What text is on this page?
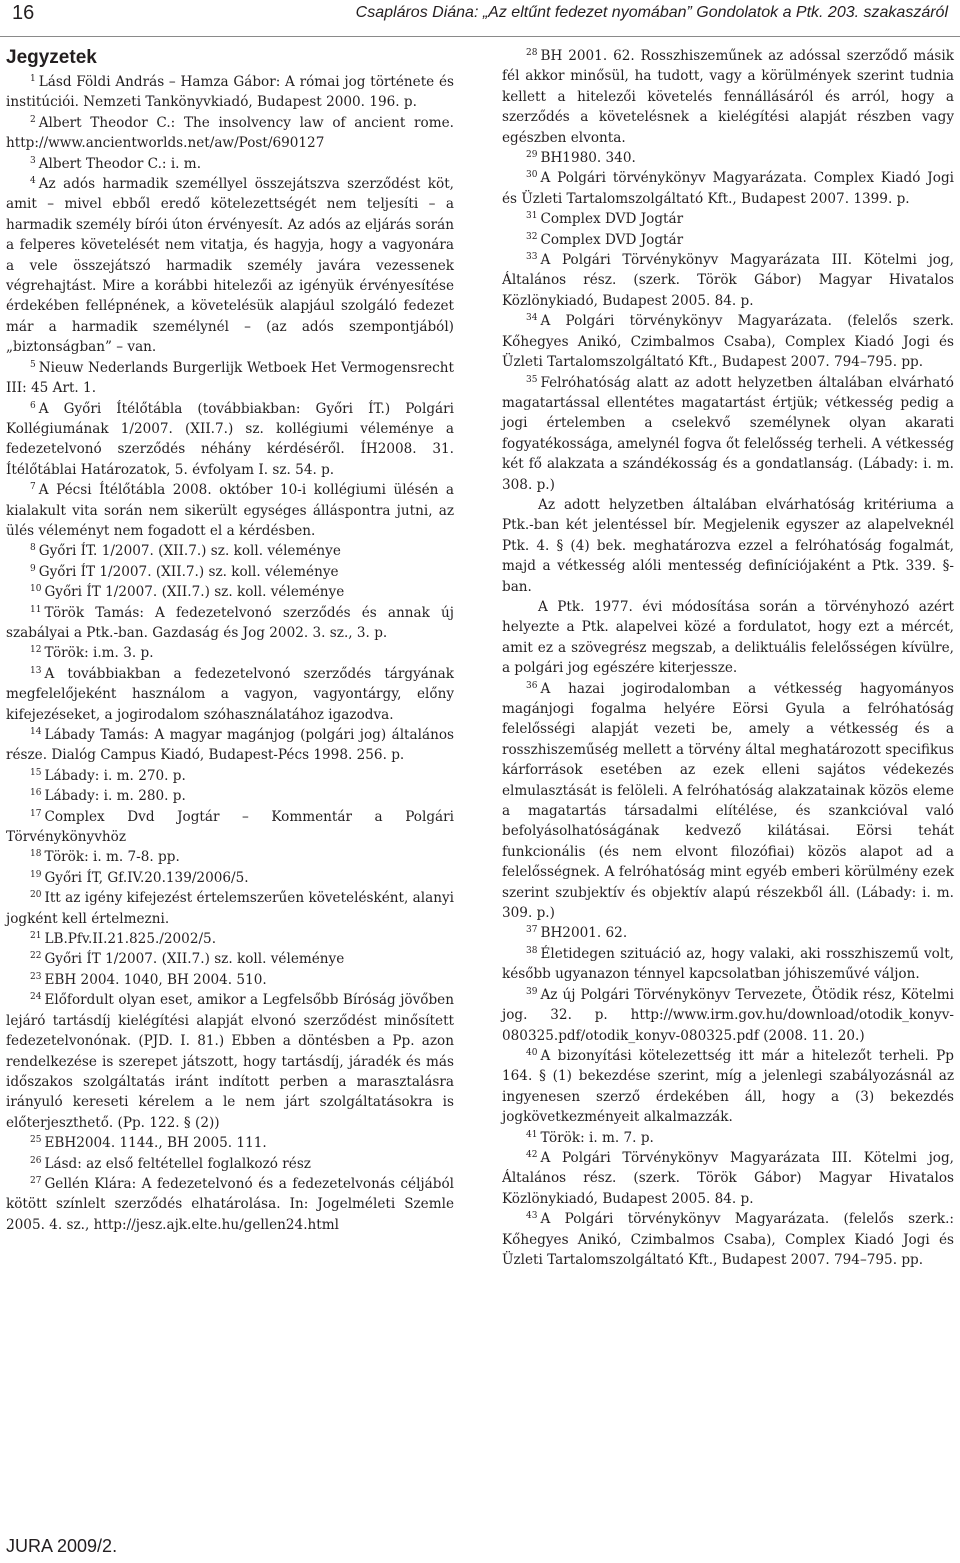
16	Csapláros Diána: „Az eltűnt fedezet nyomában” Gondolatok a Ptk. 203. szakaszáról
Jegyzetek

$^1$ Lásd Földi András – Hamza Gábor: A római jog története és institúciói. Nemzeti Tankönyvkiadó, Budapest 2000. 196. p.

$^2$ Albert Theodor C.: The insolvency law of ancient rome. http://www.ancientworlds.net/aw/Post/690127

$^3$ Albert Theodor C.: i. m.

$^4$ Az adós harmadik személlyel összejátszva szerződést köt, amit – mivel ebből eredő kötelezettségét nem teljesíti – a harmadik személy bírói úton érvényesít. Az adós az eljárás során a felperes követelését nem vitatja, és hagyja, hogy a vagyonára a vele összejátszó harmadik személy javára vezessenek végrehajtást. Mire a korábbi hitelezői az igényük érvényesítése érdekében fellépnének, a követelésük alapjául szolgáló fedezet már a harmadik személynél – (az adós szempontjából) „biztonságban” – van.

$^5$ Nieuw Nederlands Burgerlijk Wetboek Het Vermogensrecht III: 45 Art. 1.

$^6$ A Győri Ítélőtábla (továbbiakban: Győri ÍT.) Polgári Kollégiumának 1/2007. (XII.7.) sz. kollégiumi véleménye a fedezetelvonó szerződés néhány kérdéséről. ÍH2008. 31. Ítélőtáblai Határozatok, 5. évfolyam I. sz. 54. p.

$^7$ A Pécsi Ítélőtábla 2008. október 10-i kollégiumi ülésén a kialakult vita során nem sikerült egységes álláspontra jutni, az ülés véleményt nem fogadott el a kérdésben.

$^8$ Győri ÍT. 1/2007. (XII.7.) sz. koll. véleménye

$^9$ Győri ÍT 1/2007. (XII.7.) sz. koll. véleménye

$^{10}$ Győri ÍT 1/2007. (XII.7.) sz. koll. véleménye

$^{11}$ Török Tamás: A fedezetelvonó szerződés és annak új szabályai a Ptk.-ban. Gazdaság és Jog 2002. 3. sz., 3. p.

$^{12}$ Török: i.m. 3. p.

$^{13}$ A továbbiakban a fedezetelvonó szerződés tárgyának megfelelőjeként használom a vagyon, vagyontárgy, előny kifejezéseket, a jogirodalom szóhasználatához igazodva.

$^{14}$ Lábady Tamás: A magyar magánjog (polgári jog) általános része. Dialóg Campus Kiadó, Budapest-Pécs 1998. 256. p.

$^{15}$ Lábady: i. m. 270. p.

$^{16}$ Lábady: i. m. 280. p.

$^{17}$ Complex Dvd Jogtár – Kommentár a Polgári Törvénykönyvhöz

$^{18}$ Török: i. m. 7-8. pp.

$^{19}$ Győri ÍT, Gf.IV.20.139/2006/5.

$^{20}$ Itt az igény kifejezést értelemszerűen követelésként, alanyi jogként kell értelmezni.

$^{21}$ LB.Pfv.II.21.825./2002/5.

$^{22}$ Győri ÍT 1/2007. (XII.7.) sz. koll. véleménye

$^{23}$ EBH 2004. 1040, BH 2004. 510.

$^{24}$ Előfordult olyan eset, amikor a Legfelsőbb Bíróság jövőben lejáró tartásdíj kielégítési alapját elvonó szerződést minősített fedezetelvonónak. (PJD. I. 81.) Ebben a döntésben a Pp. azon rendelkezése is szerepet játszott, hogy tartásdíj, járadék és más időszakos szolgáltatás iránt indított perben a marasztalásra irányuló kereseti kérelem a le nem járt szolgáltatásokra is előterjeszthető. (Pp. 122. § (2))

$^{25}$ EBH2004. 1144., BH 2005. 111.

$^{26}$ Lásd: az első feltétellel foglalkozó rész

$^{27}$ Gellén Klára: A fedezetelvonó és a fedezetelvonás céljából kötött színlelt szerződés elhatárolása. In: Jogelméleti Szemle 2005. 4. sz., http://jesz.ajk.elte.hu/gellen24.html

$^{28}$ BH 2001. 62. Rosszhiszeműnek az adóssal szerződő másik fél akkor minősül, ha tudott, vagy a körülmények szerint tudnia kellett a hitelezői követelés fennállásáról és arról, hogy a szerződés a követelésnek a kielégítési alapját részben vagy egészben elvonta.

$^{29}$ BH1980. 340.

$^{30}$ A Polgári törvénykönyv Magyarázata. Complex Kiadó Jogi és Üzleti Tartalomszolgáltató Kft., Budapest 2007. 1399. p.

$^{31}$ Complex DVD Jogtár

$^{32}$ Complex DVD Jogtár

$^{33}$ A Polgári Törvénykönyv Magyarázata III. Kötelmi jog, Általános rész. (szerk. Török Gábor) Magyar Hivatalos Közlönykiadó, Budapest 2005. 84. p.

$^{34}$ A Polgári törvénykönyv Magyarázata. (felelős szerk. Kőhegyes Anikó, Czimbalmos Csaba), Complex Kiadó Jogi és Üzleti Tartalomszolgáltató Kft., Budapest 2007. 794–795. pp.

$^{35}$ Felróhatóság alatt az adott helyzetben általában elvárható magatartással ellentétes magatartást értjük; vétkesség pedig a jogi értelemben a cselekvő személynek olyan akarati fogyatékossága, amelynél fogva őt felelősség terheli. A vétkesség két fő alakzata a szándékosság és a gondatlanság. (Lábady: i. m. 308. p.)

Az adott helyzetben általában elvárhatóság kritériuma a Ptk.-ban két jelentéssel bír. Megjelenik egyszer az alapelveknél Ptk. 4. § (4) bek. meghatározva ezzel a felróhatóság fogalmát, majd a vétkesség alóli mentesség definíciójaként a Ptk. 339. §-ban.

A Ptk. 1977. évi módosítása során a törvényhozó azért helyezte a Ptk. alapelvei közé a fordulatot, hogy ezt a mércét, amit ez a szövegrész megszab, a deliktuális felelősségen kívülre, a polgári jog egészére kiterjessze.

$^{36}$ A hazai jogirodalomban a vétkesség hagyományos magánjogi fogalma helyére Eörsi Gyula a felróhatóság felelősségi alapját vezeti be, amely a vétkesség és a rosszhiszeműség mellett a törvény által meghatározott specifikus kárforrások esetében az ezek elleni sajátos védekezés elmulasztását is felöleli. A felróhatóság alakzatainak közös eleme a magatartás társadalmi elítélése, és szankcióval való befolyásolhatóságának kedvező kilátásai. Eörsi tehát funkcionális (és nem elvont filozófiai) közös alapot ad a felelősségnek. A felróhatóság mint egyéb emberi körülmény ezek szerint szubjektív és objektív alapú részekből áll. (Lábady: i. m. 309. p.)

$^{37}$ BH2001. 62.

$^{38}$ Életidegen szituáció az, hogy valaki, aki rosszhiszemű volt, később ugyanazon ténnyel kapcsolatban jóhiszeművé váljon.

$^{39}$ Az új Polgári Törvénykönyv Tervezete, Ötödik rész, Kötelmi jog. 32. p. http://www.irm.gov.hu/download/otodik_konyv-080325.pdf/otodik_konyv-080325.pdf (2008. 11. 20.)

$^{40}$ A bizonyítási kötelezettség itt már a hitelezőt terheli. Pp 164. § (1) bekezdése szerint, míg a jelenlegi szabályozásnál az ingyenesen szerző érdekében áll, hogy a (3) bekezdés jogkövetkezményeit alkalmazzák.

$^{41}$ Török: i. m. 7. p.

$^{42}$ A Polgári Törvénykönyv Magyarázata III. Kötelmi jog, Általános rész. (szerk. Török Gábor) Magyar Hivatalos Közlönykiadó, Budapest 2005. 84. p.

$^{43}$ A Polgári törvénykönyv Magyarázata. (felelős szerk.: Kőhegyes Anikó, Czimbalmos Csaba), Complex Kiadó Jogi és Üzleti Tartalomszolgáltató Kft., Budapest 2007. 794–795. pp.

JURA 2009/2.
